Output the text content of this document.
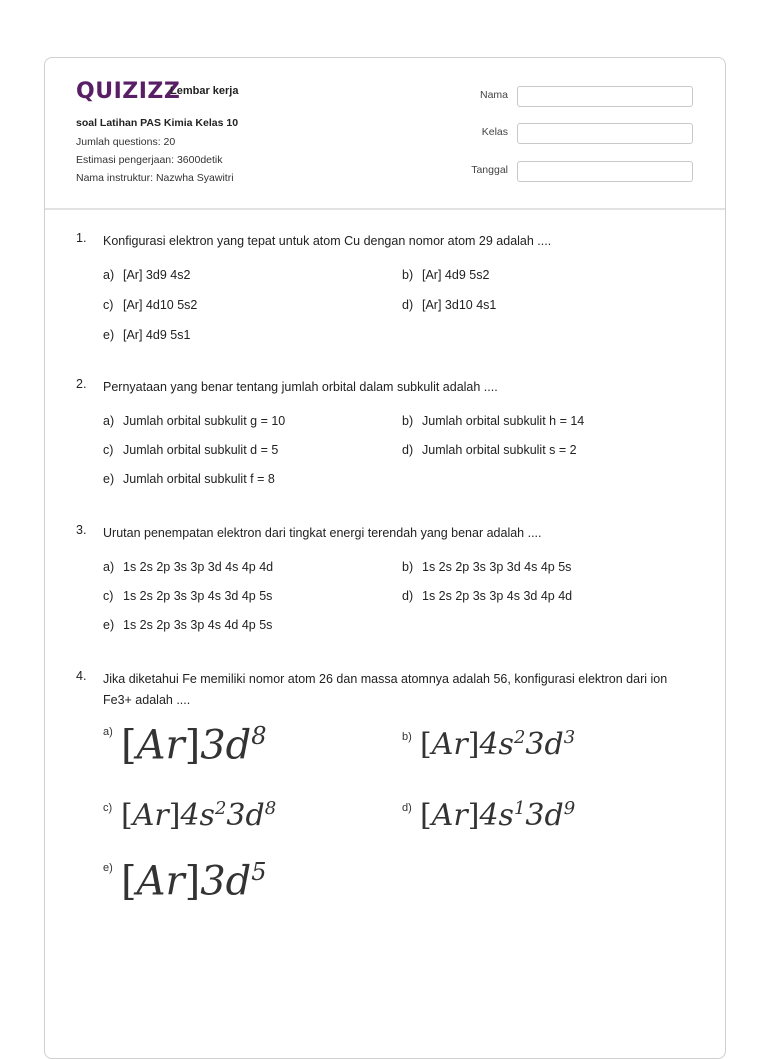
QUIZIZZ
Lembar kerja
soal Latihan PAS Kimia Kelas 10
Jumlah questions: 20
Estimasi pengerjaan: 3600detik
Nama instruktur: Nazwha Syawitri
Nama
Kelas
Tanggal
1. Konfigurasi elektron yang tepat untuk atom Cu dengan nomor atom 29 adalah ....
a) [Ar] 3d9 4s2	b) [Ar] 4d9 5s2
c) [Ar] 4d10 5s2	d) [Ar] 3d10 4s1
e) [Ar] 4d9 5s1
2. Pernyataan yang benar tentang jumlah orbital dalam subkulit adalah ....
a) Jumlah orbital subkulit g = 10	b) Jumlah orbital subkulit h = 14
c) Jumlah orbital subkulit d = 5	d) Jumlah orbital subkulit s = 2
e) Jumlah orbital subkulit f = 8
3. Urutan penempatan elektron dari tingkat energi terendah yang benar adalah ....
a) 1s 2s 2p 3s 3p 3d 4s 4p 4d	b) 1s 2s 2p 3s 3p 3d 4s 4p 5s
c) 1s 2s 2p 3s 3p 4s 3d 4p 5s	d) 1s 2s 2p 3s 3p 4s 3d 4p 4d
e) 1s 2s 2p 3s 3p 4s 4d 4p 5s
4. Jika diketahui Fe memiliki nomor atom 26 dan massa atomnya adalah 56, konfigurasi elektron dari ion Fe3+ adalah ....
a) $[Ar]3d^8$	b) $[Ar]4s^23d^3$
c) $[Ar]4s^23d^8$	d) $[Ar]4s^13d^9$
e) $[Ar]3d^5$
